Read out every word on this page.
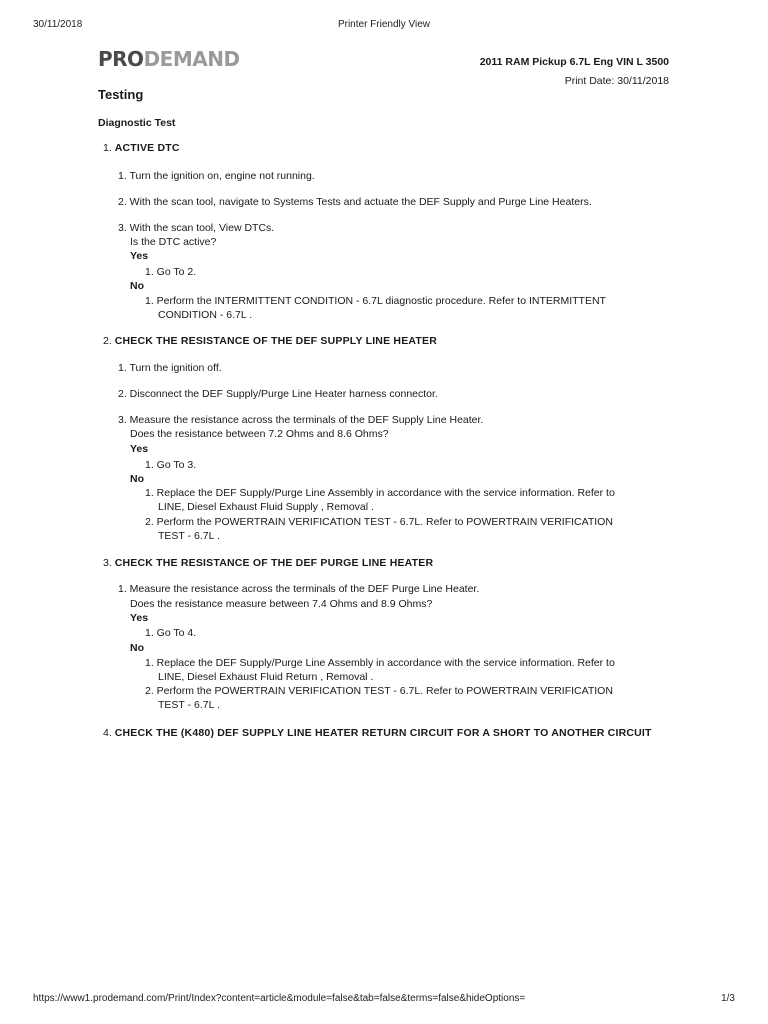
30/11/2018	Printer Friendly View
PRODEMAND	2011 RAM Pickup 6.7L Eng VIN L 3500
Print Date: 30/11/2018
Testing
Diagnostic Test
1. ACTIVE DTC
1. Turn the ignition on, engine not running.
2. With the scan tool, navigate to Systems Tests and actuate the DEF Supply and Purge Line Heaters.
3. With the scan tool, View DTCs.
Is the DTC active?
Yes
1. Go To 2.
No
1. Perform the INTERMITTENT CONDITION - 6.7L diagnostic procedure. Refer to INTERMITTENT
CONDITION - 6.7L .
2. CHECK THE RESISTANCE OF THE DEF SUPPLY LINE HEATER
1. Turn the ignition off.
2. Disconnect the DEF Supply/Purge Line Heater harness connector.
3. Measure the resistance across the terminals of the DEF Supply Line Heater.
Does the resistance between 7.2 Ohms and 8.6 Ohms?
Yes
1. Go To 3.
No
1. Replace the DEF Supply/Purge Line Assembly in accordance with the service information. Refer to
LINE, Diesel Exhaust Fluid Supply , Removal .
2. Perform the POWERTRAIN VERIFICATION TEST - 6.7L. Refer to POWERTRAIN VERIFICATION
TEST - 6.7L .
3. CHECK THE RESISTANCE OF THE DEF PURGE LINE HEATER
1. Measure the resistance across the terminals of the DEF Purge Line Heater.
Does the resistance measure between 7.4 Ohms and 8.9 Ohms?
Yes
1. Go To 4.
No
1. Replace the DEF Supply/Purge Line Assembly in accordance with the service information. Refer to
LINE, Diesel Exhaust Fluid Return , Removal .
2. Perform the POWERTRAIN VERIFICATION TEST - 6.7L. Refer to POWERTRAIN VERIFICATION
TEST - 6.7L .
4. CHECK THE (K480) DEF SUPPLY LINE HEATER RETURN CIRCUIT FOR A SHORT TO ANOTHER CIRCUIT
https://www1.prodemand.com/Print/Index?content=article&module=false&tab=false&terms=false&hideOptions=	1/3
